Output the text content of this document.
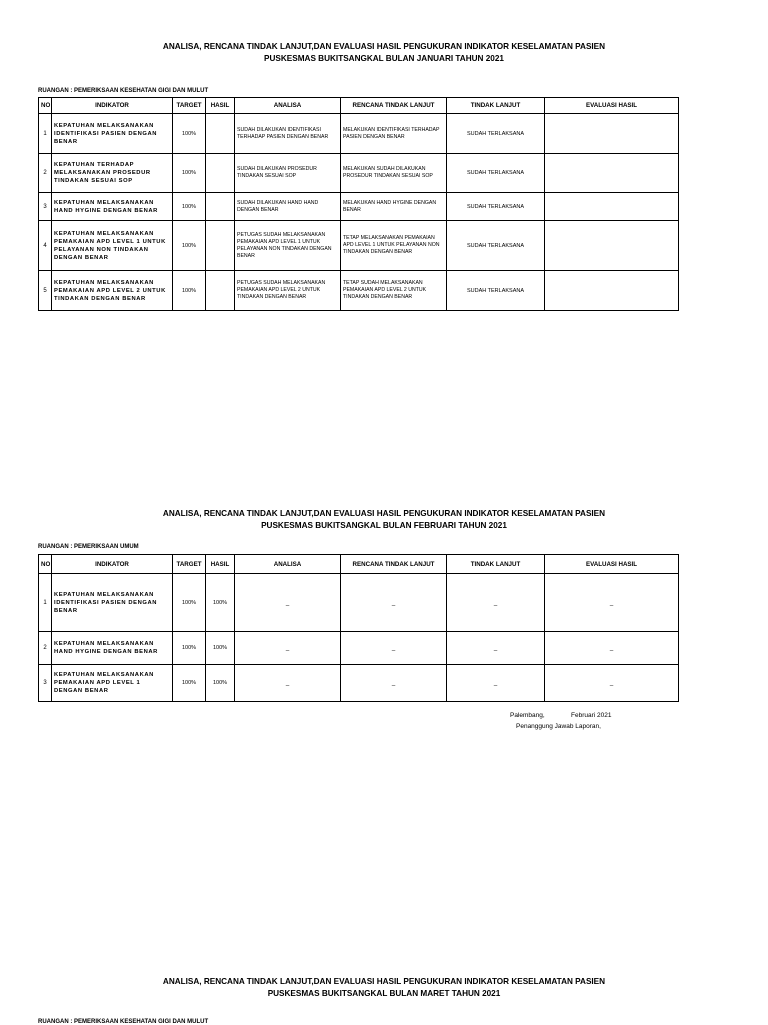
ANALISA, RENCANA TINDAK LANJUT,DAN EVALUASI HASIL PENGUKURAN INDIKATOR KESELAMATAN PASIEN
PUSKESMAS BUKITSANGKAL BULAN JANUARI TAHUN 2021
RUANGAN : PEMERIKSAAN KESEHATAN GIGI DAN MULUT
NO	INDIKATOR	TARGET	HASIL	ANALISA	RENCANA TINDAK LANJUT	TINDAK LANJUT	EVALUASI HASIL
1	KEPATUHAN MELAKSANAKAN IDENTIFIKASI PASIEN DENGAN BENAR	100%		SUDAH DILAKUKAN IDENTIFIKASI TERHADAP PASIEN DENGAN BENAR	MELAKUKAN IDENTIFIKASI TERHADAP PASIEN DENGAN BENAR	SUDAH TERLAKSANA	
2	KEPATUHAN TERHADAP MELAKSANAKAN PROSEDUR TINDAKAN SESUAI SOP	100%		SUDAH DILAKUKAN PROSEDUR TINDAKAN SESUAI SOP	MELAKUKAN SUDAH DILAKUKAN PROSEDUR TINDAKAN SESUAI SOP	SUDAH TERLAKSANA	
3	KEPATUHAN MELAKSANAKAN HAND HYGINE DENGAN BENAR	100%		SUDAH DILAKUKAN HAND HAND DENGAN BENAR	MELAKUKAN HAND HYGINE DENGAN BENAR	SUDAH TERLAKSANA	
4	KEPATUHAN MELAKSANAKAN PEMAKAIAN APD LEVEL 1 UNTUK PELAYANAN NON TINDAKAN DENGAN BENAR	100%		PETUGAS SUDAH MELAKSANAKAN PEMAKAIAN APD LEVEL 1 UNTUK PELAYANAN NON TINDAKAN DENGAN BENAR	TETAP MELAKSANAKAN PEMAKAIAN APD LEVEL 1 UNTUK PELAYANAN NON TINDAKAN DENGAN BENAR	SUDAH TERLAKSANA	
5	KEPATUHAN MELAKSANAKAN PEMAKAIAN APD LEVEL 2 UNTUK TINDAKAN DENGAN BENAR	100%		PETUGAS SUDAH MELAKSANAKAN PEMAKAIAN APD LEVEL 2 UNTUK TINDAKAN DENGAN BENAR	TETAP SUDAH MELAKSANAKAN PEMAKAIAN APD LEVEL 2 UNTUK TINDAKAN DENGAN BENAR	SUDAH TERLAKSANA	
ANALISA, RENCANA TINDAK LANJUT,DAN EVALUASI HASIL PENGUKURAN INDIKATOR KESELAMATAN PASIEN
PUSKESMAS BUKITSANGKAL BULAN FEBRUARI TAHUN 2021
RUANGAN : PEMERIKSAAN UMUM
NO	INDIKATOR	TARGET	HASIL	ANALISA	RENCANA TINDAK LANJUT	TINDAK LANJUT	EVALUASI HASIL
1	KEPATUHAN MELAKSANAKAN IDENTIFIKASI PASIEN DENGAN BENAR	100%	100%	_	_	_	_
2	KEPATUHAN MELAKSANAKAN HAND HYGINE DENGAN BENAR	100%	100%	_	_	_	_
3	KEPATUHAN MELAKSANAKAN PEMAKAIAN APD LEVEL 1 DENGAN BENAR	100%	100%	_	_	_	_
Palembang,	Februari 2021
Penanggung Jawab Laporan,
ANALISA, RENCANA TINDAK LANJUT,DAN EVALUASI HASIL PENGUKURAN INDIKATOR KESELAMATAN PASIEN
PUSKESMAS BUKITSANGKAL BULAN MARET TAHUN 2021
RUANGAN : PEMERIKSAAN KESEHATAN GIGI DAN MULUT
